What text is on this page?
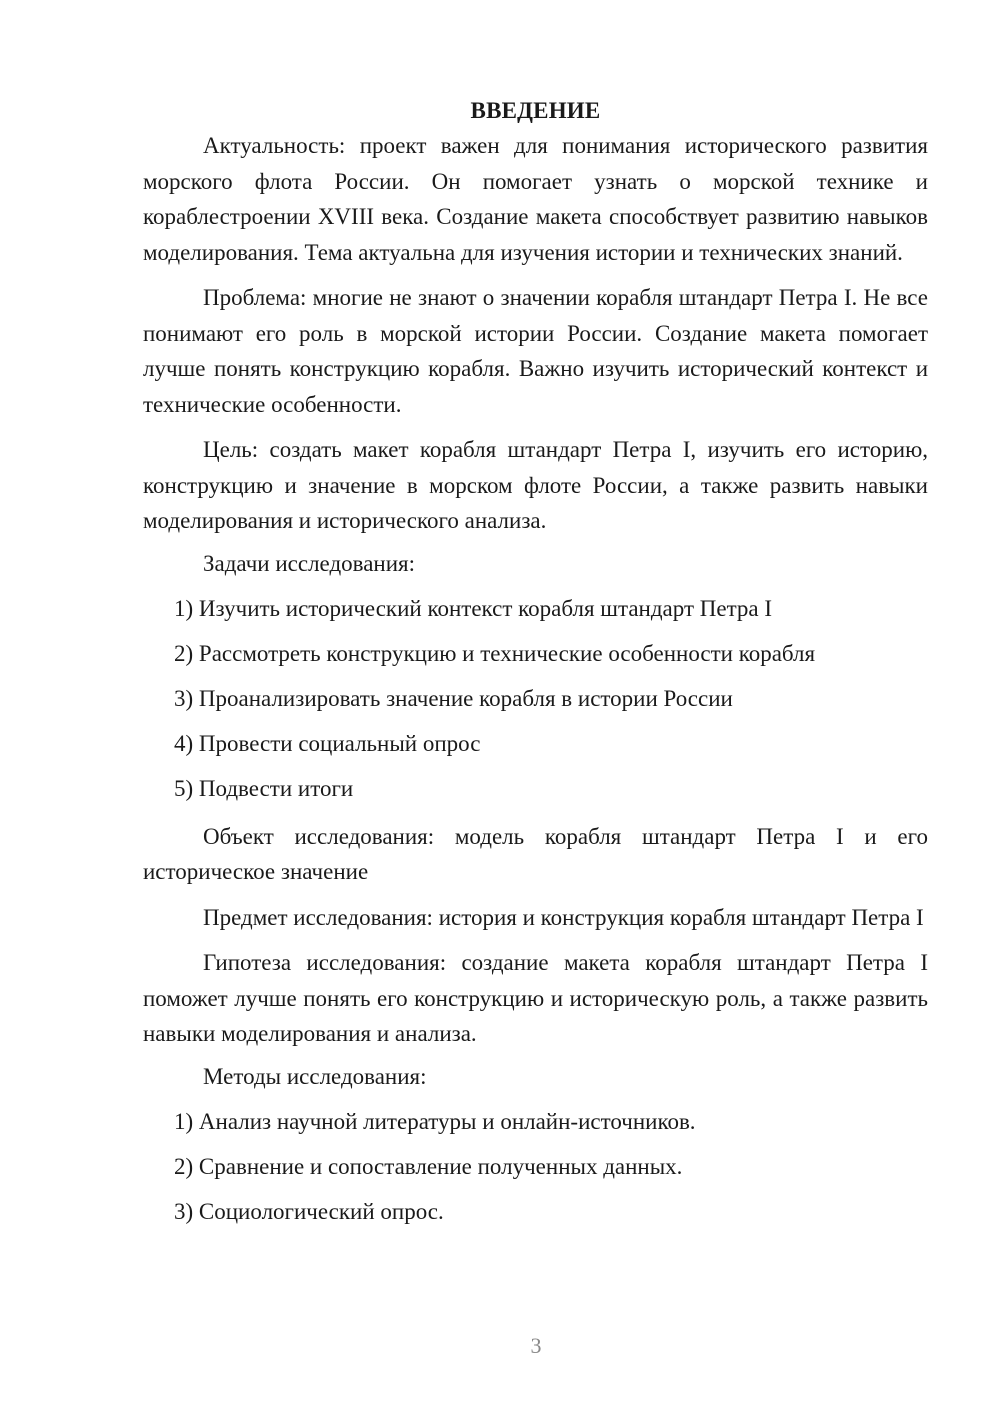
ВВЕДЕНИЕ

Актуальность: проект важен для понимания исторического развития морского флота России. Он помогает узнать о морской технике и кораблестроении XVIII века. Создание макета способствует развитию навыков моделирования. Тема актуальна для изучения истории и технических знаний.

Проблема: многие не знают о значении корабля штандарт Петра I. Не все понимают его роль в морской истории России. Создание макета помогает лучше понять конструкцию корабля. Важно изучить исторический контекст и технические особенности.

Цель: создать макет корабля штандарт Петра I, изучить его историю, конструкцию и значение в морском флоте России, а также развить навыки моделирования и исторического анализа.

Задачи исследования:
1) Изучить исторический контекст корабля штандарт Петра I
2) Рассмотреть конструкцию и технические особенности корабля
3) Проанализировать значение корабля в истории России
4) Провести социальный опрос
5) Подвести итоги

Объект исследования: модель корабля штандарт Петра I и его историческое значение

Предмет исследования: история и конструкция корабля штандарт Петра I

Гипотеза исследования: создание макета корабля штандарт Петра I поможет лучше понять его конструкцию и историческую роль, а также развить навыки моделирования и анализа.

Методы исследования:
1) Анализ научной литературы и онлайн-источников.
2) Сравнение и сопоставление полученных данных.
3) Социологический опрос.
3
